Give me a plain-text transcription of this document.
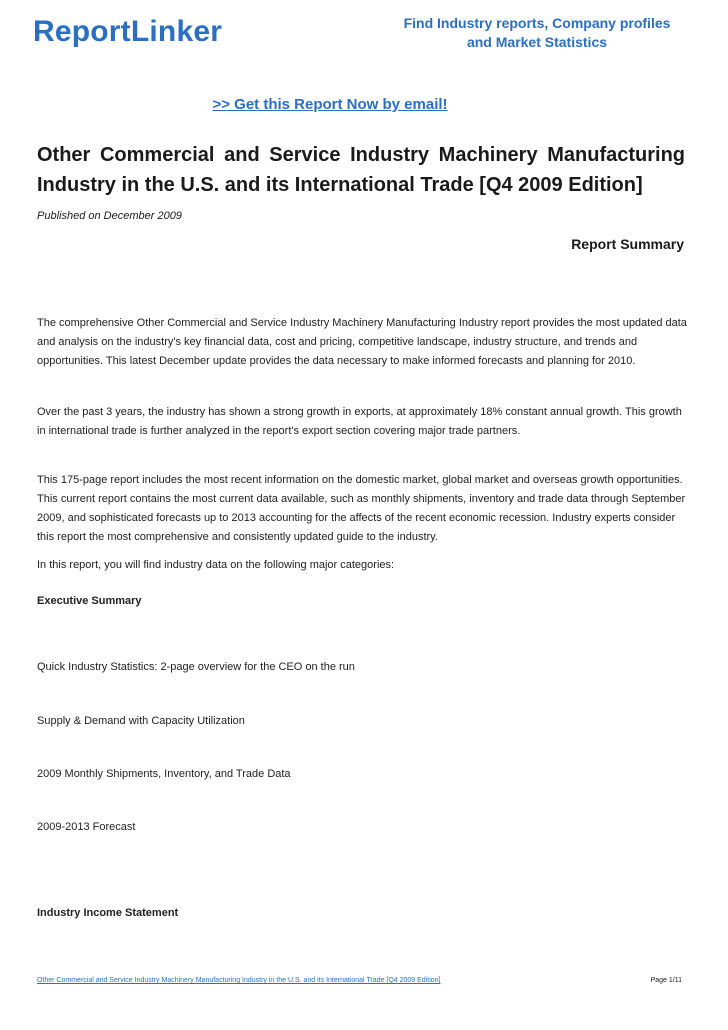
ReportLinker	Find Industry reports, Company profiles
and Market Statistics
>> Get this Report Now by email!
Other Commercial and Service Industry Machinery Manufacturing Industry in the U.S. and its International Trade [Q4 2009 Edition]
Published on December 2009
Report Summary

The comprehensive Other Commercial and Service Industry Machinery Manufacturing Industry report provides the most updated data and analysis on the industry's key financial data, cost and pricing, competitive landscape, industry structure, and trends and opportunities. This latest December update provides the data necessary to make informed forecasts and planning for 2010.

Over the past 3 years, the industry has shown a strong growth in exports, at approximately 18% constant annual growth. This growth in international trade is further analyzed in the report's export section covering major trade partners.

This 175-page report includes the most recent information on the domestic market, global market and overseas growth opportunities. This current report contains the most current data available, such as monthly shipments, inventory and trade data through September 2009, and sophisticated forecasts up to 2013 accounting for the affects of the recent economic recession. Industry experts consider this report the most comprehensive and consistently updated guide to the industry.

In this report, you will find industry data on the following major categories:

Executive Summary

Quick Industry Statistics: 2-page overview for the CEO on the run

Supply & Demand with Capacity Utilization

2009 Monthly Shipments, Inventory, and Trade Data

2009-2013 Forecast

Industry Income Statement

Other Commercial and Service Industry Machinery Manufacturing Industry in the U.S. and its International Trade [Q4 2009 Edition]	Page 1/11
